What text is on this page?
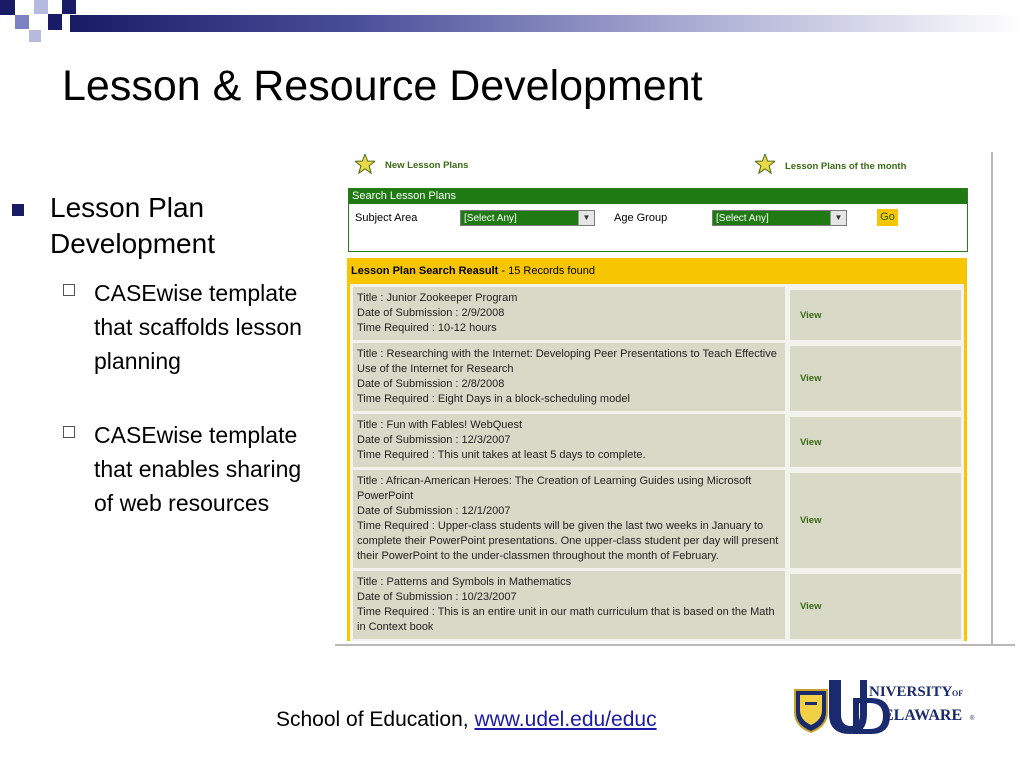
Lesson & Resource Development
Lesson Plan Development
CASEwise template that scaffolds lesson planning
CASEwise template that enables sharing of web resources
New Lesson Plans	Lesson Plans of the month
Search Lesson Plans
Subject Area	[Select Any]	▼	Age Group	[Select Any]	▼	Go
Lesson Plan Search Reasult - 15 Records found
Title : Junior Zookeeper Program
Date of Submission : 2/9/2008
Time Required : 10-12 hours
View
Title : Researching with the Internet: Developing Peer Presentations to Teach Effective Use of the Internet for Research
Date of Submission : 2/8/2008
Time Required : Eight Days in a block-scheduling model
View
Title : Fun with Fables! WebQuest
Date of Submission : 12/3/2007
Time Required : This unit takes at least 5 days to complete.
View
Title : African-American Heroes: The Creation of Learning Guides using Microsoft PowerPoint
Date of Submission : 12/1/2007
Time Required : Upper-class students will be given the last two weeks in January to complete their PowerPoint presentations. One upper-class student per day will present their PowerPoint to the under-classmen throughout the month of February.
View
Title : Patterns and Symbols in Mathematics
Date of Submission : 10/23/2007
Time Required : This is an entire unit in our math curriculum that is based on the Math in Context book
View
School of Education, www.udel.edu/educ
NIVERSITY OF
ELAWARE ®
